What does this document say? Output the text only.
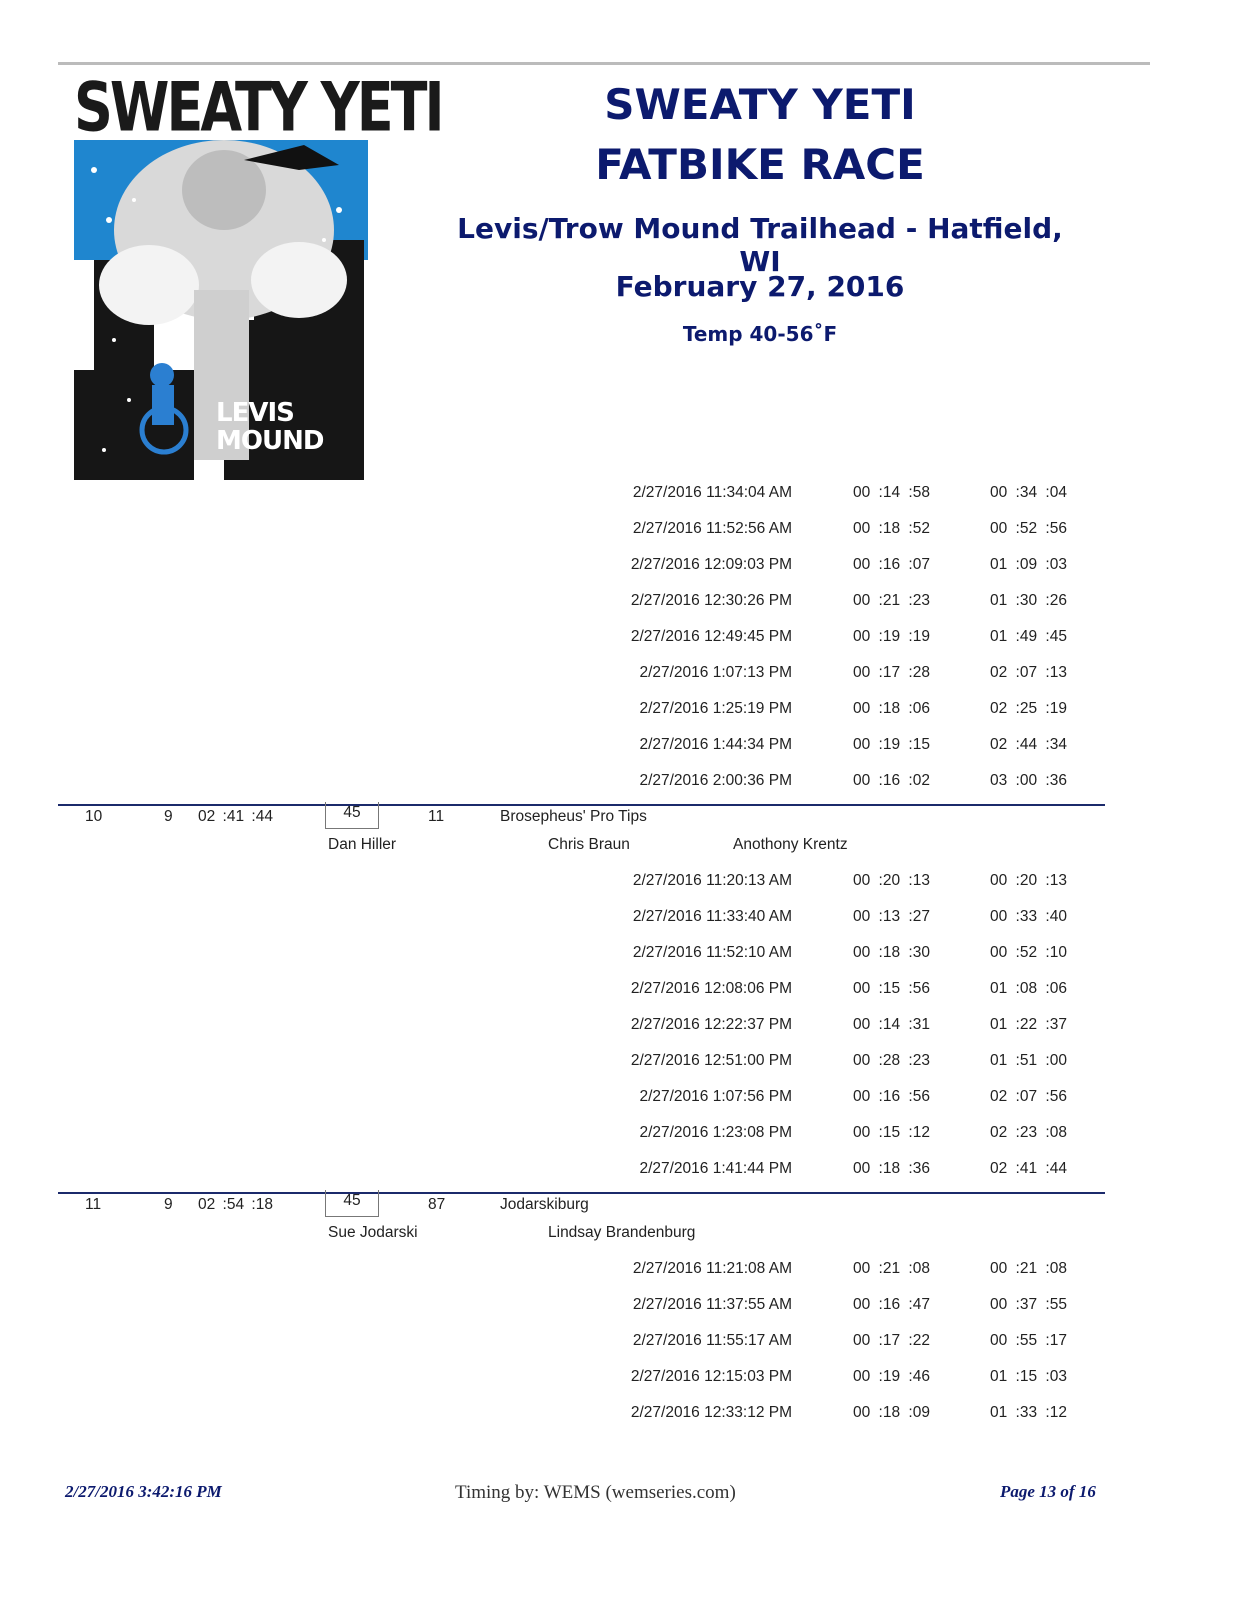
SWEATY YETI
LEVIS
MOUND
SWEATY YETI
FATBIKE RACE
Levis/Trow Mound Trailhead - Hatfield, WI
February 27, 2016
Temp 40-56˚F
2/27/2016 11:34:04 AM	00 :14 :58	00 :34 :04
2/27/2016 11:52:56 AM	00 :18 :52	00 :52 :56
2/27/2016 12:09:03 PM	00 :16 :07	01 :09 :03
2/27/2016 12:30:26 PM	00 :21 :23	01 :30 :26
2/27/2016 12:49:45 PM	00 :19 :19	01 :49 :45
2/27/2016 1:07:13 PM	00 :17 :28	02 :07 :13
2/27/2016 1:25:19 PM	00 :18 :06	02 :25 :19
2/27/2016 1:44:34 PM	00 :19 :15	02 :44 :34
2/27/2016 2:00:36 PM	00 :16 :02	03 :00 :36
10	9 02 :41 :44	45	11	Brosepheus' Pro Tips
Dan Hiller	Chris Braun	Anothony Krentz
2/27/2016 11:20:13 AM	00 :20 :13	00 :20 :13
2/27/2016 11:33:40 AM	00 :13 :27	00 :33 :40
2/27/2016 11:52:10 AM	00 :18 :30	00 :52 :10
2/27/2016 12:08:06 PM	00 :15 :56	01 :08 :06
2/27/2016 12:22:37 PM	00 :14 :31	01 :22 :37
2/27/2016 12:51:00 PM	00 :28 :23	01 :51 :00
2/27/2016 1:07:56 PM	00 :16 :56	02 :07 :56
2/27/2016 1:23:08 PM	00 :15 :12	02 :23 :08
2/27/2016 1:41:44 PM	00 :18 :36	02 :41 :44
11	9 02 :54 :18	45	87	Jodarskiburg
Sue Jodarski	Lindsay Brandenburg
2/27/2016 11:21:08 AM	00 :21 :08	00 :21 :08
2/27/2016 11:37:55 AM	00 :16 :47	00 :37 :55
2/27/2016 11:55:17 AM	00 :17 :22	00 :55 :17
2/27/2016 12:15:03 PM	00 :19 :46	01 :15 :03
2/27/2016 12:33:12 PM	00 :18 :09	01 :33 :12
2/27/2016 3:42:16 PM	Timing by: WEMS (wemseries.com)	Page 13 of 16
